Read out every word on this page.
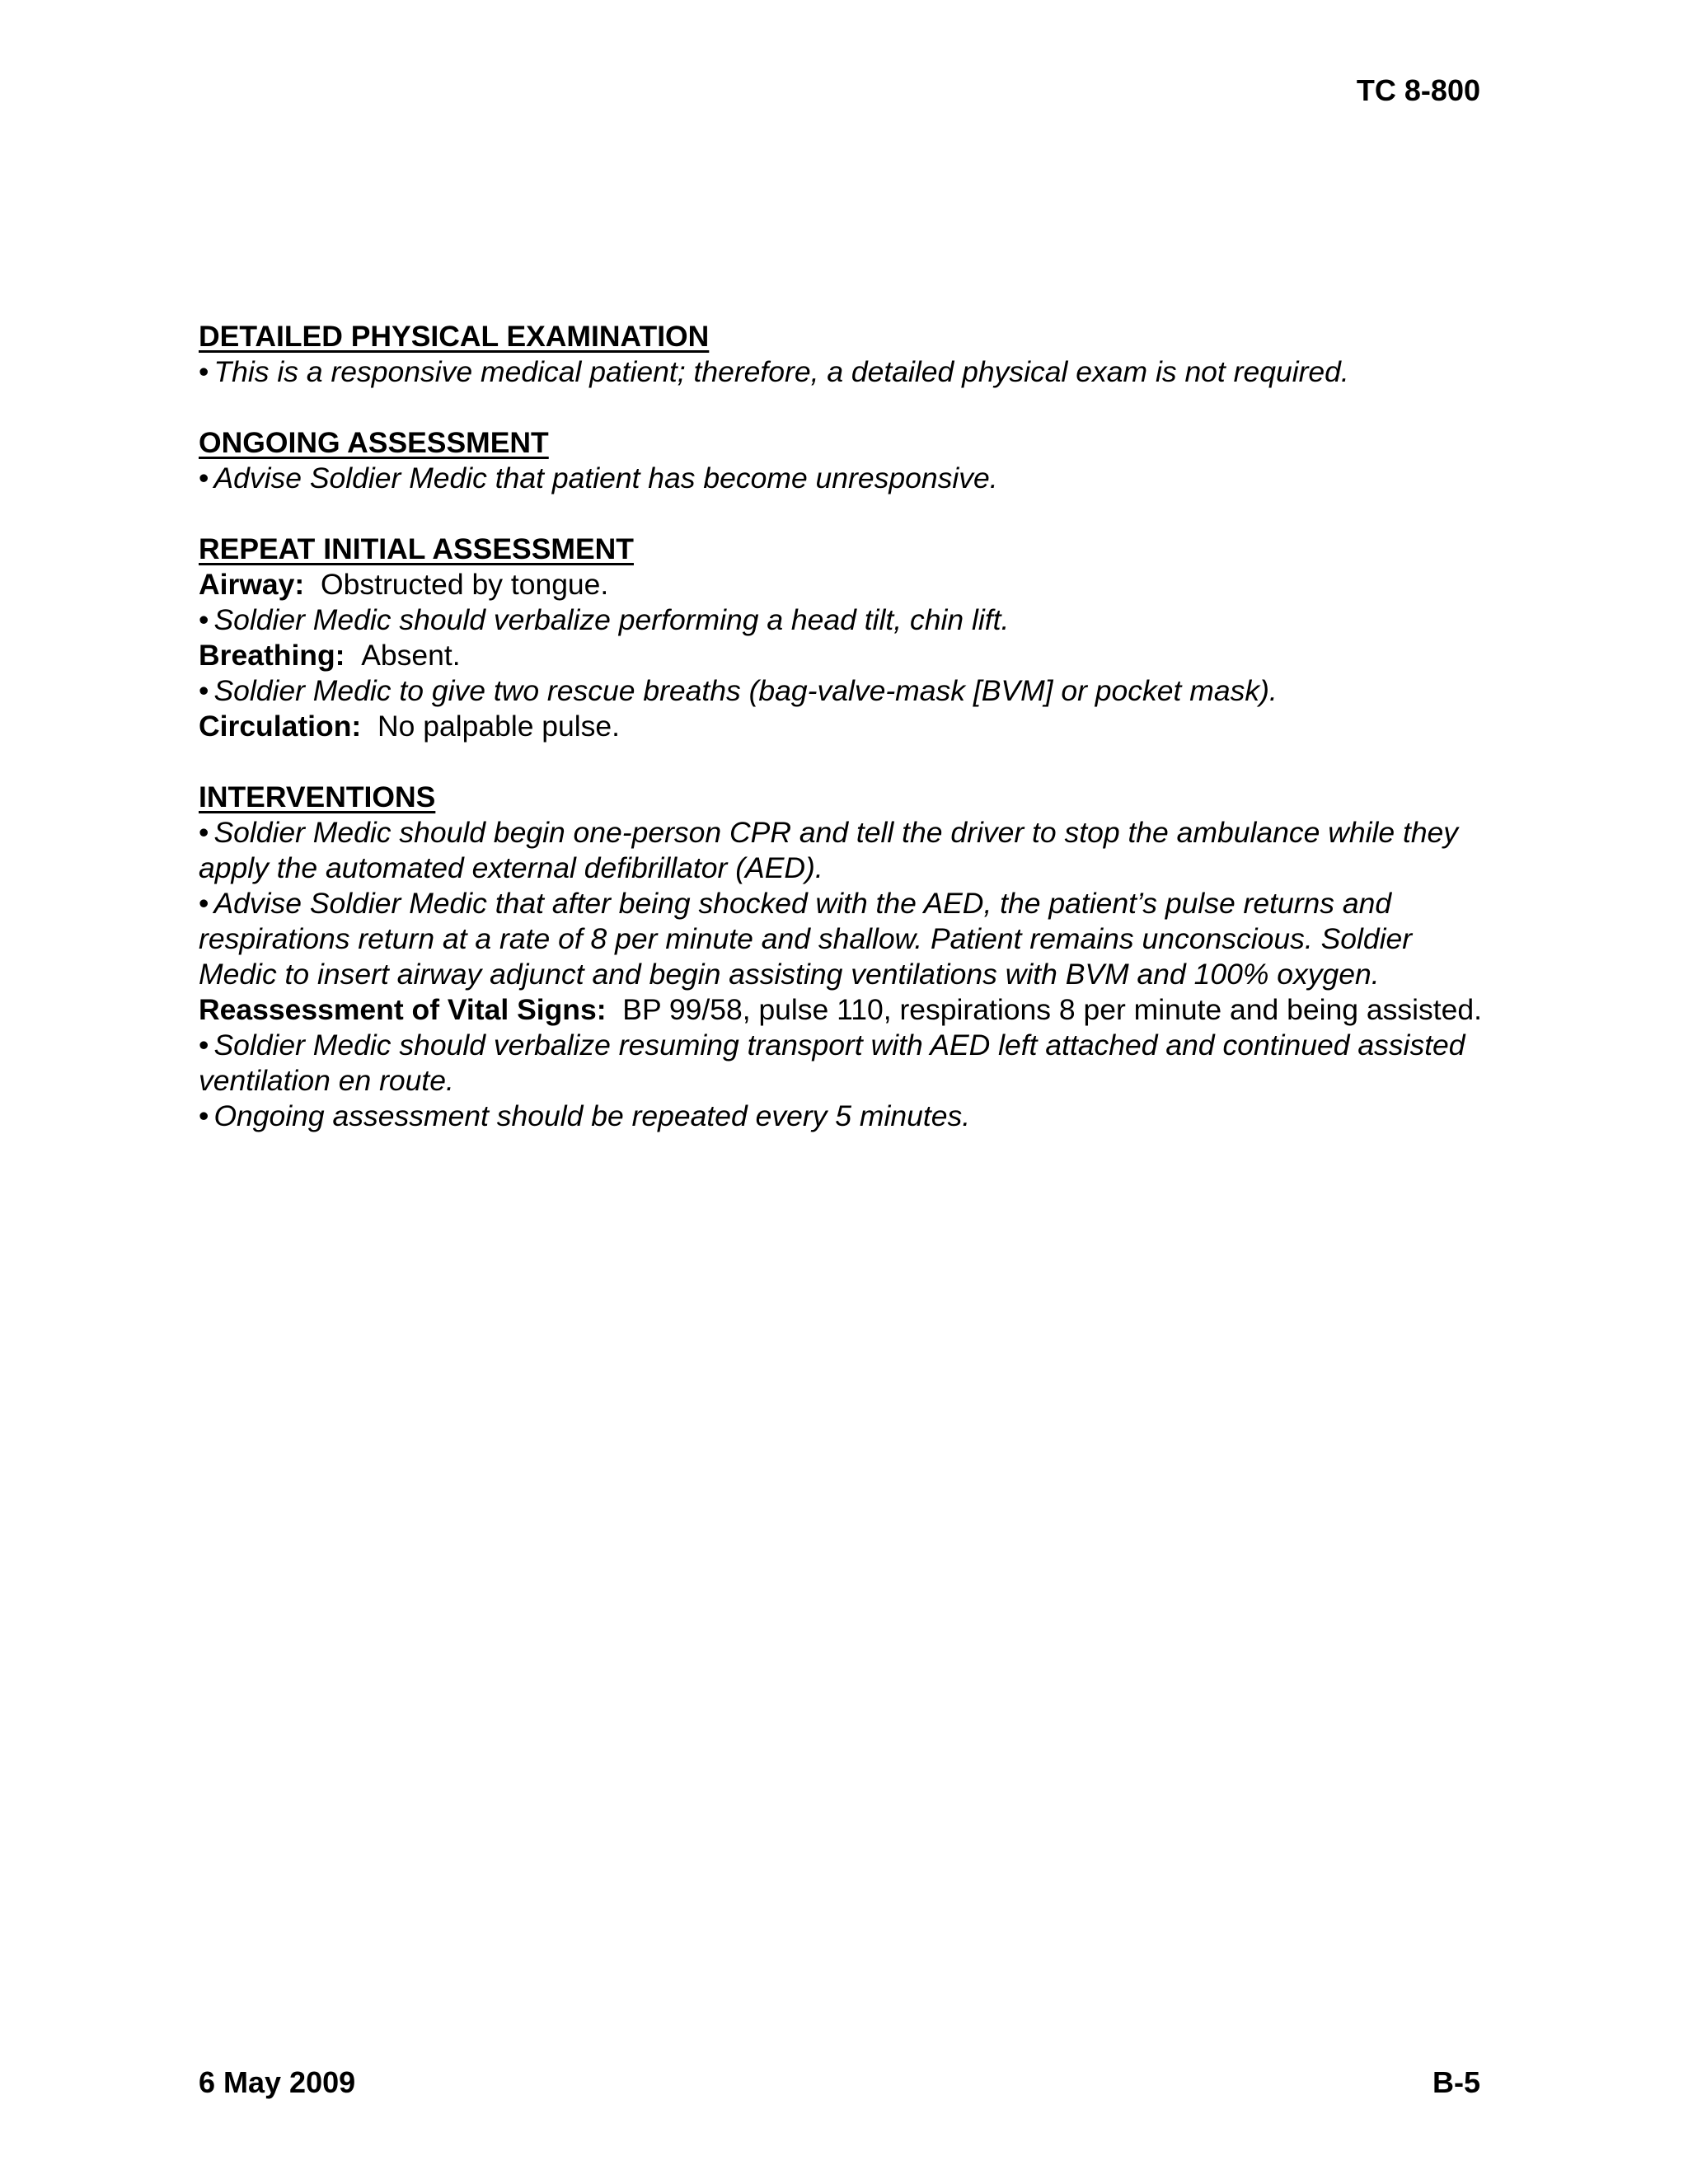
TC 8-800
DETAILED PHYSICAL EXAMINATION
• This is a responsive medical patient; therefore, a detailed physical exam is not required.
ONGOING ASSESSMENT
• Advise Soldier Medic that patient has become unresponsive.
REPEAT INITIAL ASSESSMENT
Airway: Obstructed by tongue.
• Soldier Medic should verbalize performing a head tilt, chin lift.
Breathing: Absent.
• Soldier Medic to give two rescue breaths (bag-valve-mask [BVM] or pocket mask).
Circulation: No palpable pulse.
INTERVENTIONS
• Soldier Medic should begin one-person CPR and tell the driver to stop the ambulance while they apply the automated external defibrillator (AED).
• Advise Soldier Medic that after being shocked with the AED, the patient’s pulse returns and respirations return at a rate of 8 per minute and shallow. Patient remains unconscious. Soldier Medic to insert airway adjunct and begin assisting ventilations with BVM and 100% oxygen.
Reassessment of Vital Signs: BP 99/58, pulse 110, respirations 8 per minute and being assisted.
• Soldier Medic should verbalize resuming transport with AED left attached and continued assisted ventilation en route.
• Ongoing assessment should be repeated every 5 minutes.
6 May 2009	B-5
